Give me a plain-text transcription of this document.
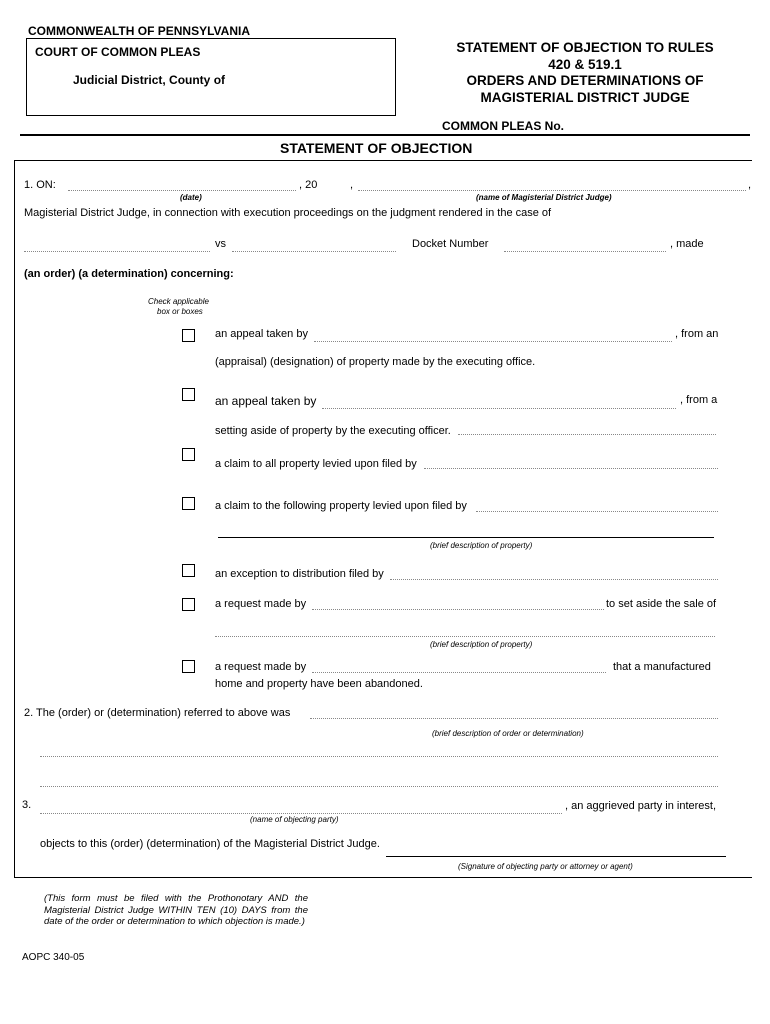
COMMONWEALTH OF PENNSYLVANIA
COURT OF COMMON PLEAS
Judicial District, County of
STATEMENT OF OBJECTION TO RULES
420 & 519.1
ORDERS AND DETERMINATIONS OF
MAGISTERIAL DISTRICT JUDGE
COMMON PLEAS No.
STATEMENT OF OBJECTION
1. ON:	, 20	,	,
(date)	(name of Magisterial District Judge)
Magisterial District Judge, in connection with execution proceedings on the judgment rendered in the case of
vs	Docket Number	, made
(an order) (a determination) concerning:
Check applicable
box or boxes
an appeal taken by	, from an
(appraisal) (designation) of property made by the executing office.
an appeal taken by	, from a
setting aside of property by the executing officer.
a claim to all property levied upon filed by
a claim to the following property levied upon filed by
(brief description of property)
an exception to distribution filed by
a request made by	to set aside the sale of
(brief description of property)
a request made by	that a manufactured
home and property have been abandoned.
2. The (order) or (determination) referred to above was
(brief description of order or determination)
3.	, an aggrieved party in interest,
(name of objecting party)
objects to this (order) (determination) of the Magisterial District Judge.
(Signature of objecting party or attorney or agent)
(This form must be filed with the Prothonotary AND the Magisterial District Judge WITHIN TEN (10) DAYS from the date of the order or determination to which objection is made.)
AOPC 340-05
